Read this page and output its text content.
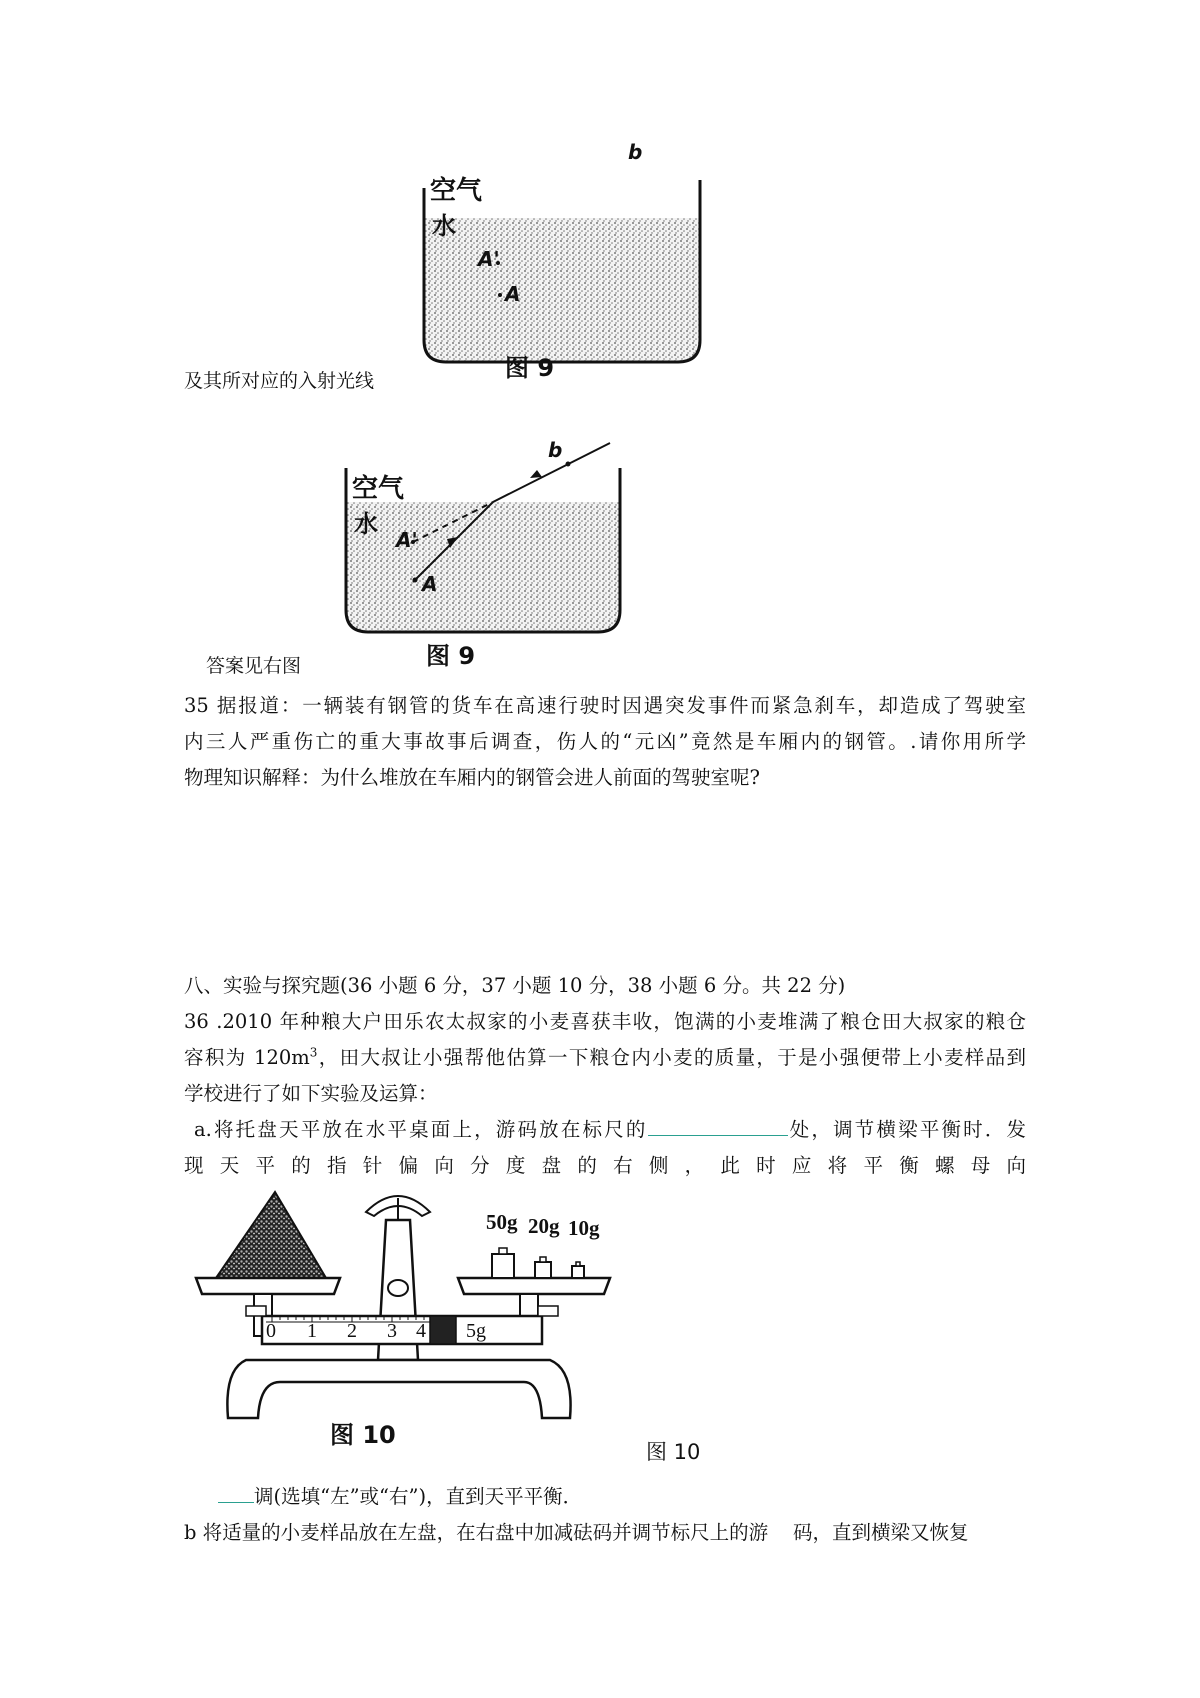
空气
水
A'
A
b
图 9
及其所对应的入射光线
空气
水
A'
A
b
图 9
答案见右图
35 据报道：一辆装有钢管的货车在高速行驶时因遇突发事件而紧急刹车，却造成了驾驶室
内三人严重伤亡的重大事故事后调查，伤人的“元凶”竟然是车厢内的钢管。.请你用所学
物理知识解释：为什么堆放在车厢内的钢管会进人前面的驾驶室呢?
八、实验与探究题(36 小题 6 分，37 小题 10 分，38 小题 6 分。共 22 分)
36 .2010 年种粮大户田乐农太叔家的小麦喜获丰收，饱满的小麦堆满了粮仓田大叔家的粮仓
容积为 $120m^3$，田大叔让小强帮他估算一下粮仓内小麦的质量，于是小强便带上小麦样品到
学校进行了如下实验及运算：
a.将托盘天平放在水平桌面上，游码放在标尺的	处，调节横梁平衡时．发
现 天 平 的 指 针 偏 向 分 度 盘 的 右 侧 ， 此 时 应 将 平 衡 螺 母 向
50g 20g 10g
0 1 2 3 4 5g
图 10
图 10
调(选填“左”或“右”)，直到天平平衡．
b 将适量的小麦样品放在左盘，在右盘中加减砝码并调节标尺上的游    码，直到横梁又恢复
